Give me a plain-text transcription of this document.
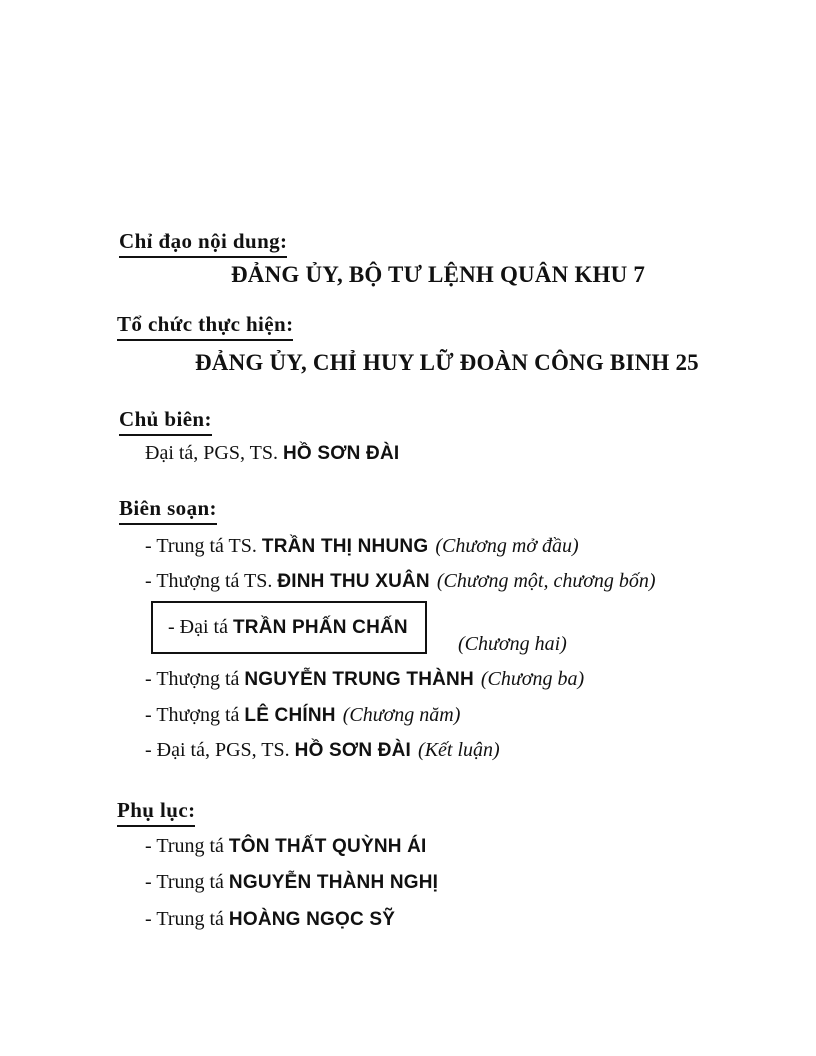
Chỉ đạo nội dung:
ĐẢNG ỦY, BỘ TƯ LỆNH QUÂN KHU 7
Tổ chức thực hiện:
ĐẢNG ỦY, CHỈ HUY LỮ ĐOÀN CÔNG BINH 25
Chủ biên:
Đại tá, PGS, TS. HỒ SƠN ĐÀI
Biên soạn:
- Trung tá TS. TRẦN THỊ NHUNG (Chương mở đầu)
- Thượng tá TS. ĐINH THU XUÂN (Chương một, chương bốn)
- Đại tá TRẦN PHẤN CHẤN
(Chương hai)
- Thượng tá NGUYỄN TRUNG THÀNH (Chương ba)
- Thượng tá LÊ CHÍNH (Chương năm)
- Đại tá, PGS, TS. HỒ SƠN ĐÀI (Kết luận)
Phụ lục:
- Trung tá TÔN THẤT QUỲNH ÁI
- Trung tá NGUYỄN THÀNH NGHỊ
- Trung tá HOÀNG NGỌC SỸ
